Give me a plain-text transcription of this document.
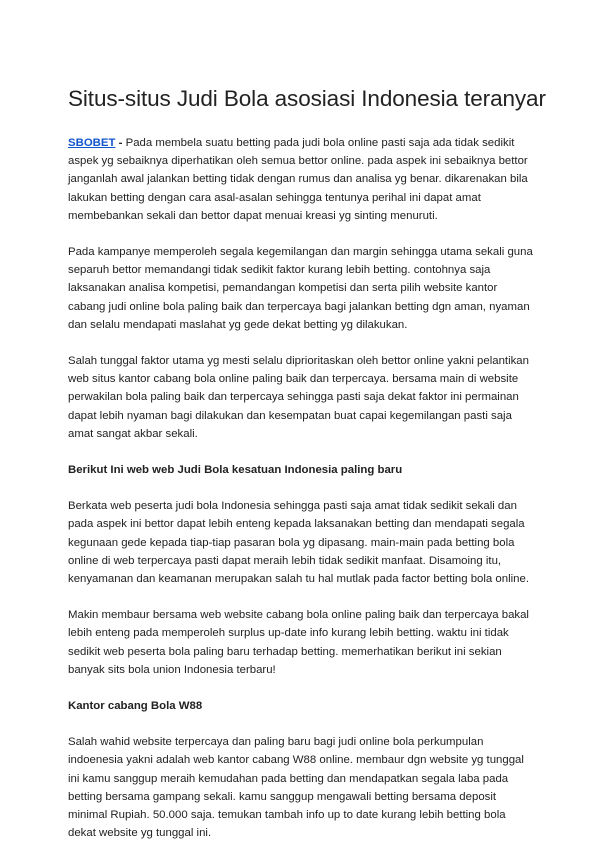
Situs-situs Judi Bola asosiasi Indonesia teranyar

SBOBET - Pada membela suatu betting pada judi bola online pasti saja ada tidak sedikit aspek yg sebaiknya diperhatikan oleh semua bettor online. pada aspek ini sebaiknya bettor janganlah awal jalankan betting tidak dengan rumus dan analisa yg benar. dikarenakan bila lakukan betting dengan cara asal-asalan sehingga tentunya perihal ini dapat amat membebankan sekali dan bettor dapat menuai kreasi yg sinting menuruti.

Pada kampanye memperoleh segala kegemilangan dan margin sehingga utama sekali guna separuh bettor memandangi tidak sedikit faktor kurang lebih betting. contohnya saja laksanakan analisa kompetisi, pemandangan kompetisi dan serta pilih website kantor cabang judi online bola paling baik dan terpercaya bagi jalankan betting dgn aman, nyaman dan selalu mendapati maslahat yg gede dekat betting yg dilakukan.

Salah tunggal faktor utama yg mesti selalu diprioritaskan oleh bettor online yakni pelantikan web situs kantor cabang bola online paling baik dan terpercaya. bersama main di website perwakilan bola paling baik dan terpercaya sehingga pasti saja dekat faktor ini permainan dapat lebih nyaman bagi dilakukan dan kesempatan buat capai kegemilangan pasti saja amat sangat akbar sekali.

Berikut Ini web web Judi Bola kesatuan Indonesia paling baru

Berkata web peserta judi bola Indonesia sehingga pasti saja amat tidak sedikit sekali dan pada aspek ini bettor dapat lebih enteng kepada laksanakan betting dan mendapati segala kegunaan gede kepada tiap-tiap pasaran bola yg dipasang. main-main pada betting bola online di web terpercaya pasti dapat meraih lebih tidak sedikit manfaat. Disamoing itu, kenyamanan dan keamanan merupakan salah tu hal mutlak pada factor betting bola online.

Makin membaur bersama web website cabang bola online paling baik dan terpercaya bakal lebih enteng pada memperoleh surplus up-date info kurang lebih betting. waktu ini tidak sedikit web peserta bola paling baru terhadap betting. memerhatikan berikut ini sekian banyak sits bola union Indonesia terbaru!

Kantor cabang Bola W88

Salah wahid website terpercaya dan paling baru bagi judi online bola perkumpulan indoenesia yakni adalah web kantor cabang W88 online. membaur dgn website yg tunggal ini kamu sanggup meraih kemudahan pada betting dan mendapatkan segala laba pada betting bersama gampang sekali. kamu sanggup mengawali betting bersama deposit minimal Rupiah. 50.000 saja. temukan tambah info up to date kurang lebih betting bola dekat website yg tunggal ini.
